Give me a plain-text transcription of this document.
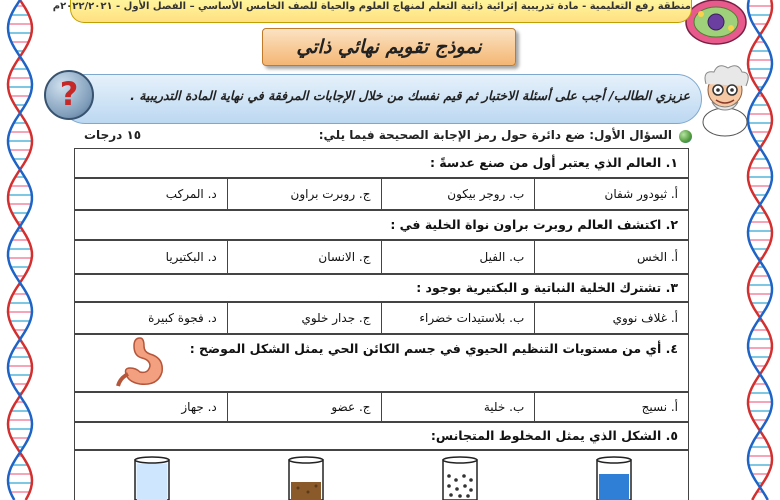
منطقة رفع التعليمية - مادة تدريبية إثرائية ذاتية التعلم لمنهاج العلوم والحياة للصف الخامس الأساسي – الفصل الأول - ٢٠٢٢/٢٠٢١م
نموذج تقويم نهائي ذاتي
عزيزي الطالب/ أجب على أسئلة الاختبار ثم قيم نفسك من خلال الإجابات المرفقة في نهاية المادة التدريبية .
?
السؤال الأول: ضع دائرة حول رمز الإجابة الصحيحة فيما يلي:
١٥ درجات
١. العالم الذي يعتبر أول من صنع عدسةً :
أ. ثيودور شفان
ب. روجر بيكون
ج. روبرت براون
د. المركب
٢. اكتشف العالم روبرت براون نواة الخلية في :
أ. الخس
ب. الفيل
ج. الانسان
د. البكتيريا
٣. تشترك الخلية النباتية و البكتيرية بوجود :
أ. غلاف نووي
ب. بلاستيدات خضراء
ج. جدار خلوي
د. فجوة كبيرة
٤. أي من مستويات التنظيم الحيوي في جسم الكائن الحي يمثل الشكل الموضح :
أ. نسيج
ب. خلية
ج. عضو
د. جهاز
٥. الشكل الذي يمثل المخلوط المتجانس:
